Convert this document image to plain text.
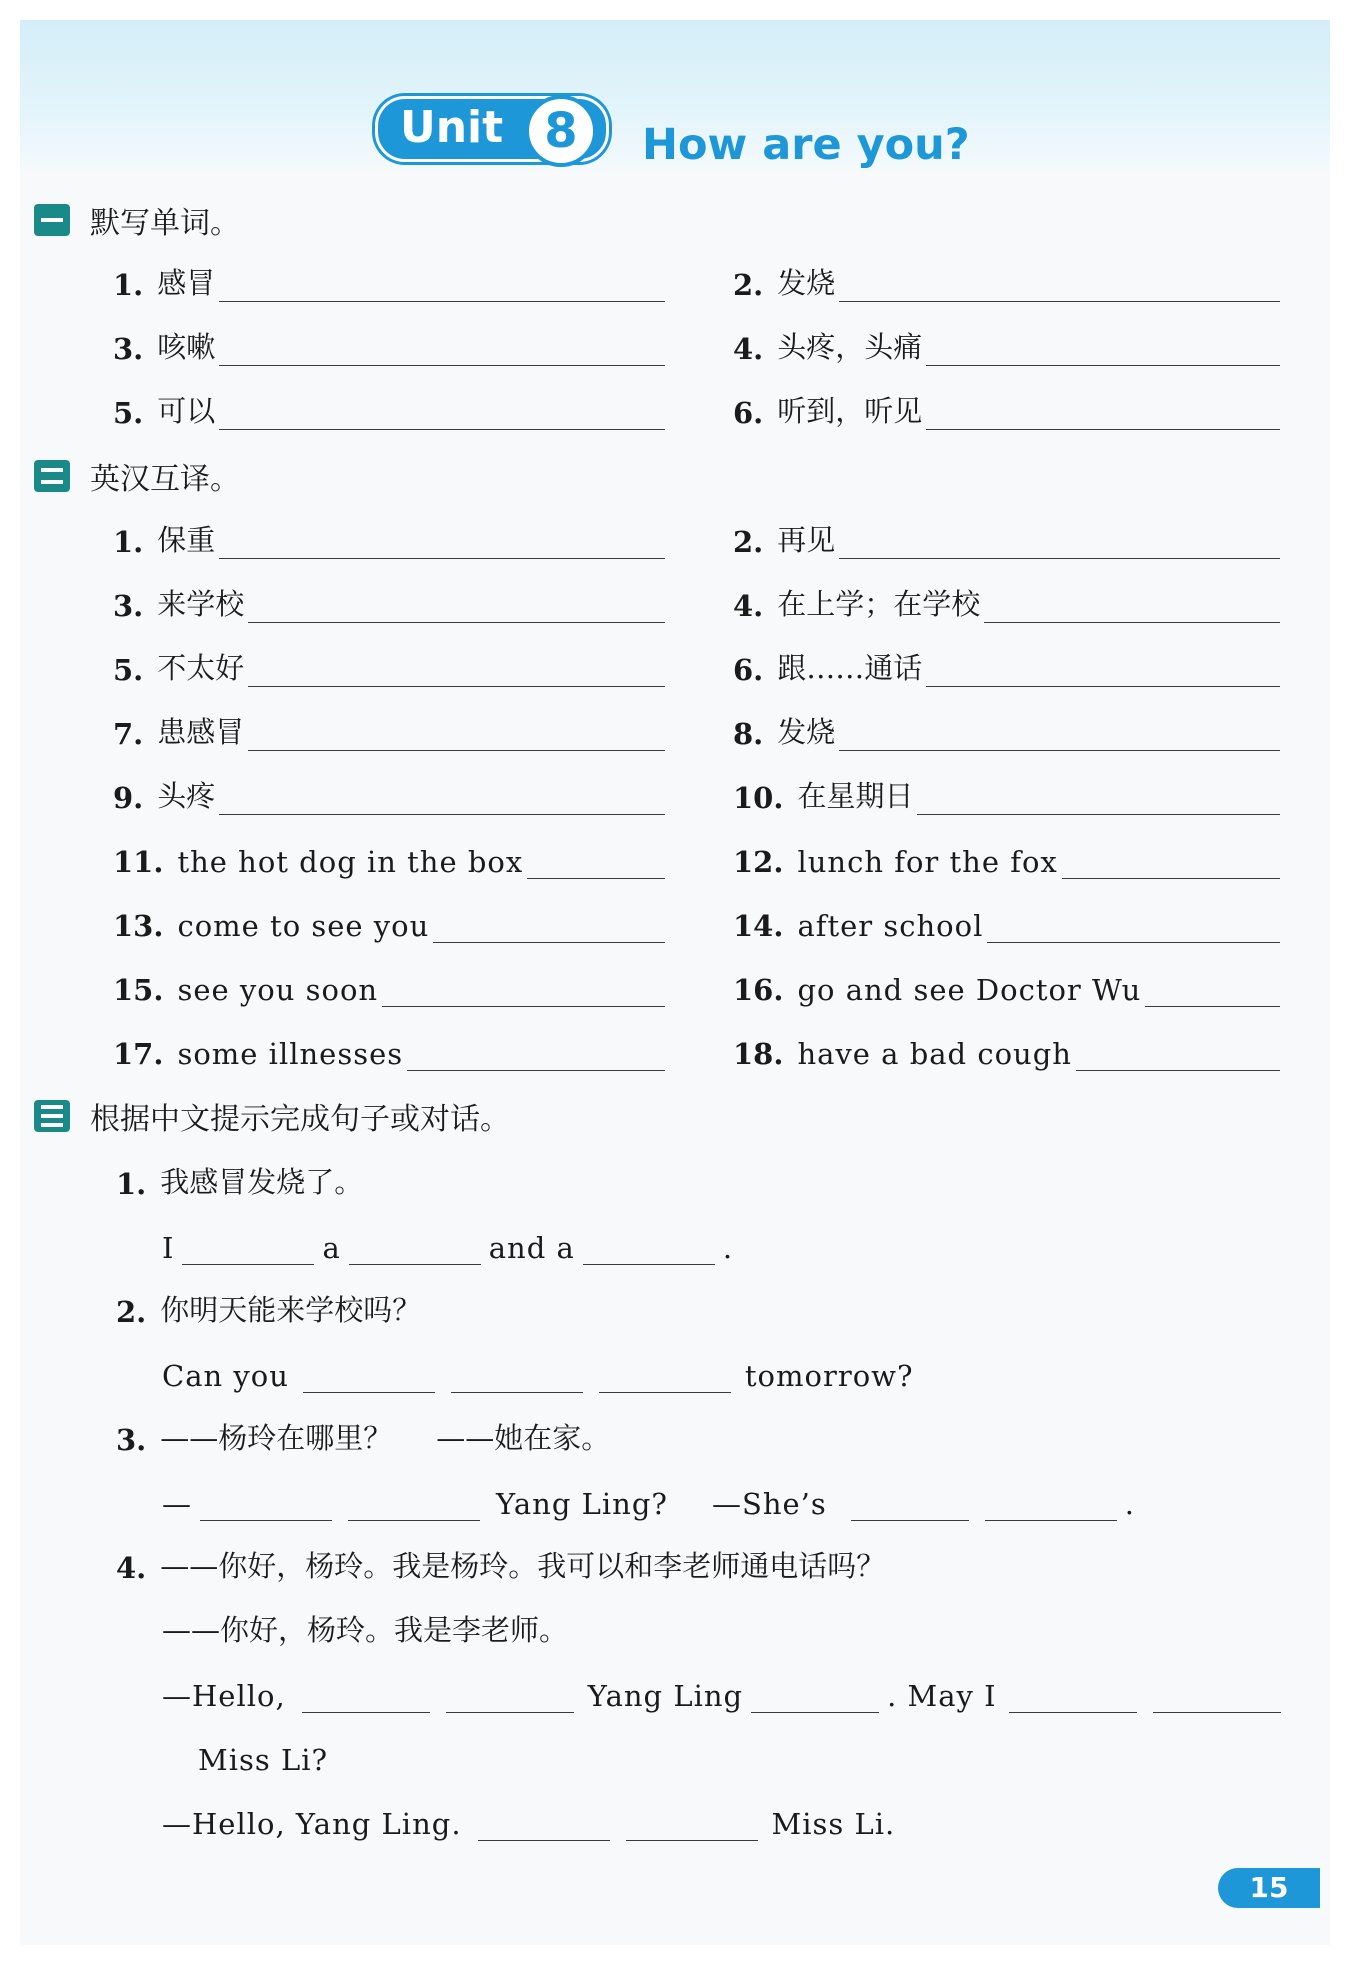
Unit 8	How are you?
默写单词。
1. 感冒	2. 发烧
3. 咳嗽	4. 头疼，头痛
5. 可以	6. 听到，听见
英汉互译。
1. 保重	2. 再见
3. 来学校	4. 在上学；在学校
5. 不太好	6. 跟……通话
7. 患感冒	8. 发烧
9. 头疼	10. 在星期日
11. the hot dog in the box	12. lunch for the fox
13. come to see you	14. after school
15. see you soon	16. go and see Doctor Wu
17. some illnesses	18. have a bad cough
根据中文提示完成句子或对话。
1. 我感冒发烧了。
I	a	and a	.
2. 你明天能来学校吗？
Can you	tomorrow?
3. ——杨玲在哪里？ ——她在家。
—	Yang Ling? —She’s	.
4. ——你好，杨玲。我是杨玲。我可以和李老师通电话吗？
——你好，杨玲。我是李老师。
—Hello,	Yang Ling	. May I
Miss Li?
—Hello, Yang Ling.	Miss Li.
15
